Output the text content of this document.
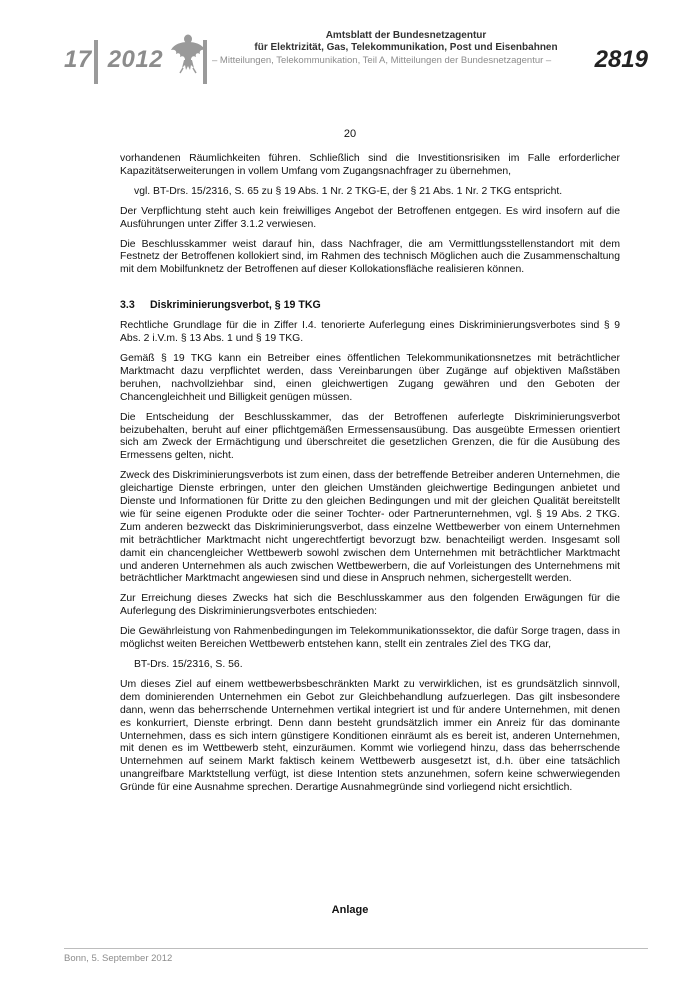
17 2012
Amtsblatt der Bundesnetzagentur
für Elektrizität, Gas, Telekommunikation, Post und Eisenbahnen
– Mitteilungen, Telekommunikation, Teil A, Mitteilungen der Bundesnetzagentur –	2819
20

vorhandenen Räumlichkeiten führen. Schließlich sind die Investitionsrisiken im Falle erforderlicher Kapazitätserweiterungen in vollem Umfang vom Zugangsnachfrager zu übernehmen,

vgl. BT-Drs. 15/2316, S. 65 zu § 19 Abs. 1 Nr. 2 TKG-E, der § 21 Abs. 1 Nr. 2 TKG entspricht.

Der Verpflichtung steht auch kein freiwilliges Angebot der Betroffenen entgegen. Es wird insofern auf die Ausführungen unter Ziffer 3.1.2 verwiesen.

Die Beschlusskammer weist darauf hin, dass Nachfrager, die am Vermittlungsstellenstandort mit dem Festnetz der Betroffenen kollokiert sind, im Rahmen des technisch Möglichen auch die Zusammenschaltung mit dem Mobilfunknetz der Betroffenen auf dieser Kollokationsfläche realisieren können.

3.3 Diskriminierungsverbot, § 19 TKG

Rechtliche Grundlage für die in Ziffer I.4. tenorierte Auferlegung eines Diskriminierungsverbotes sind § 9 Abs. 2 i.V.m. § 13 Abs. 1 und § 19 TKG.

Gemäß § 19 TKG kann ein Betreiber eines öffentlichen Telekommunikationsnetzes mit beträchtlicher Marktmacht dazu verpflichtet werden, dass Vereinbarungen über Zugänge auf objektiven Maßstäben beruhen, nachvollziehbar sind, einen gleichwertigen Zugang gewähren und den Geboten der Chancengleichheit und Billigkeit genügen müssen.

Die Entscheidung der Beschlusskammer, das der Betroffenen auferlegte Diskriminierungsverbot beizubehalten, beruht auf einer pflichtgemäßen Ermessensausübung. Das ausgeübte Ermessen orientiert sich am Zweck der Ermächtigung und überschreitet die gesetzlichen Grenzen, die für die Ausübung des Ermessens gelten, nicht.

Zweck des Diskriminierungsverbots ist zum einen, dass der betreffende Betreiber anderen Unternehmen, die gleichartige Dienste erbringen, unter den gleichen Umständen gleichwertige Bedingungen anbietet und Dienste und Informationen für Dritte zu den gleichen Bedingungen und mit der gleichen Qualität bereitstellt wie für seine eigenen Produkte oder die seiner Tochter- oder Partnerunternehmen, vgl. § 19 Abs. 2 TKG. Zum anderen bezweckt das Diskriminierungsverbot, dass einzelne Wettbewerber von einem Unternehmen mit beträchtlicher Marktmacht nicht ungerechtfertigt bevorzugt bzw. benachteiligt werden. Insgesamt soll damit ein chancengleicher Wettbewerb sowohl zwischen dem Unternehmen mit beträchtlicher Marktmacht und anderen Unternehmen als auch zwischen Wettbewerbern, die auf Vorleistungen des Unternehmens mit beträchtlicher Marktmacht angewiesen sind und diese in Anspruch nehmen, sichergestellt werden.

Zur Erreichung dieses Zwecks hat sich die Beschlusskammer aus den folgenden Erwägungen für die Auferlegung des Diskriminierungsverbotes entschieden:

Die Gewährleistung von Rahmenbedingungen im Telekommunikationssektor, die dafür Sorge tragen, dass in möglichst weiten Bereichen Wettbewerb entstehen kann, stellt ein zentrales Ziel des TKG dar,

BT-Drs. 15/2316, S. 56.

Um dieses Ziel auf einem wettbewerbsbeschränkten Markt zu verwirklichen, ist es grundsätzlich sinnvoll, dem dominierenden Unternehmen ein Gebot zur Gleichbehandlung aufzuerlegen. Das gilt insbesondere dann, wenn das beherrschende Unternehmen vertikal integriert ist und für andere Unternehmen, mit denen es konkurriert, Dienste erbringt. Denn dann besteht grundsätzlich immer ein Anreiz für das dominante Unternehmen, dass es sich intern günstigere Konditionen einräumt als es bereit ist, anderen Unternehmen, mit denen es im Wettbewerb steht, einzuräumen. Kommt wie vorliegend hinzu, dass das beherrschende Unternehmen auf seinem Markt faktisch keinem Wettbewerb ausgesetzt ist, d.h. über eine tatsächlich unangreifbare Marktstellung verfügt, ist diese Intention stets anzunehmen, sofern keine schwerwiegenden Gründe für eine Ausnahme sprechen. Derartige Ausnahmegründe sind vorliegend nicht ersichtlich.

Anlage
Bonn, 5. September 2012
